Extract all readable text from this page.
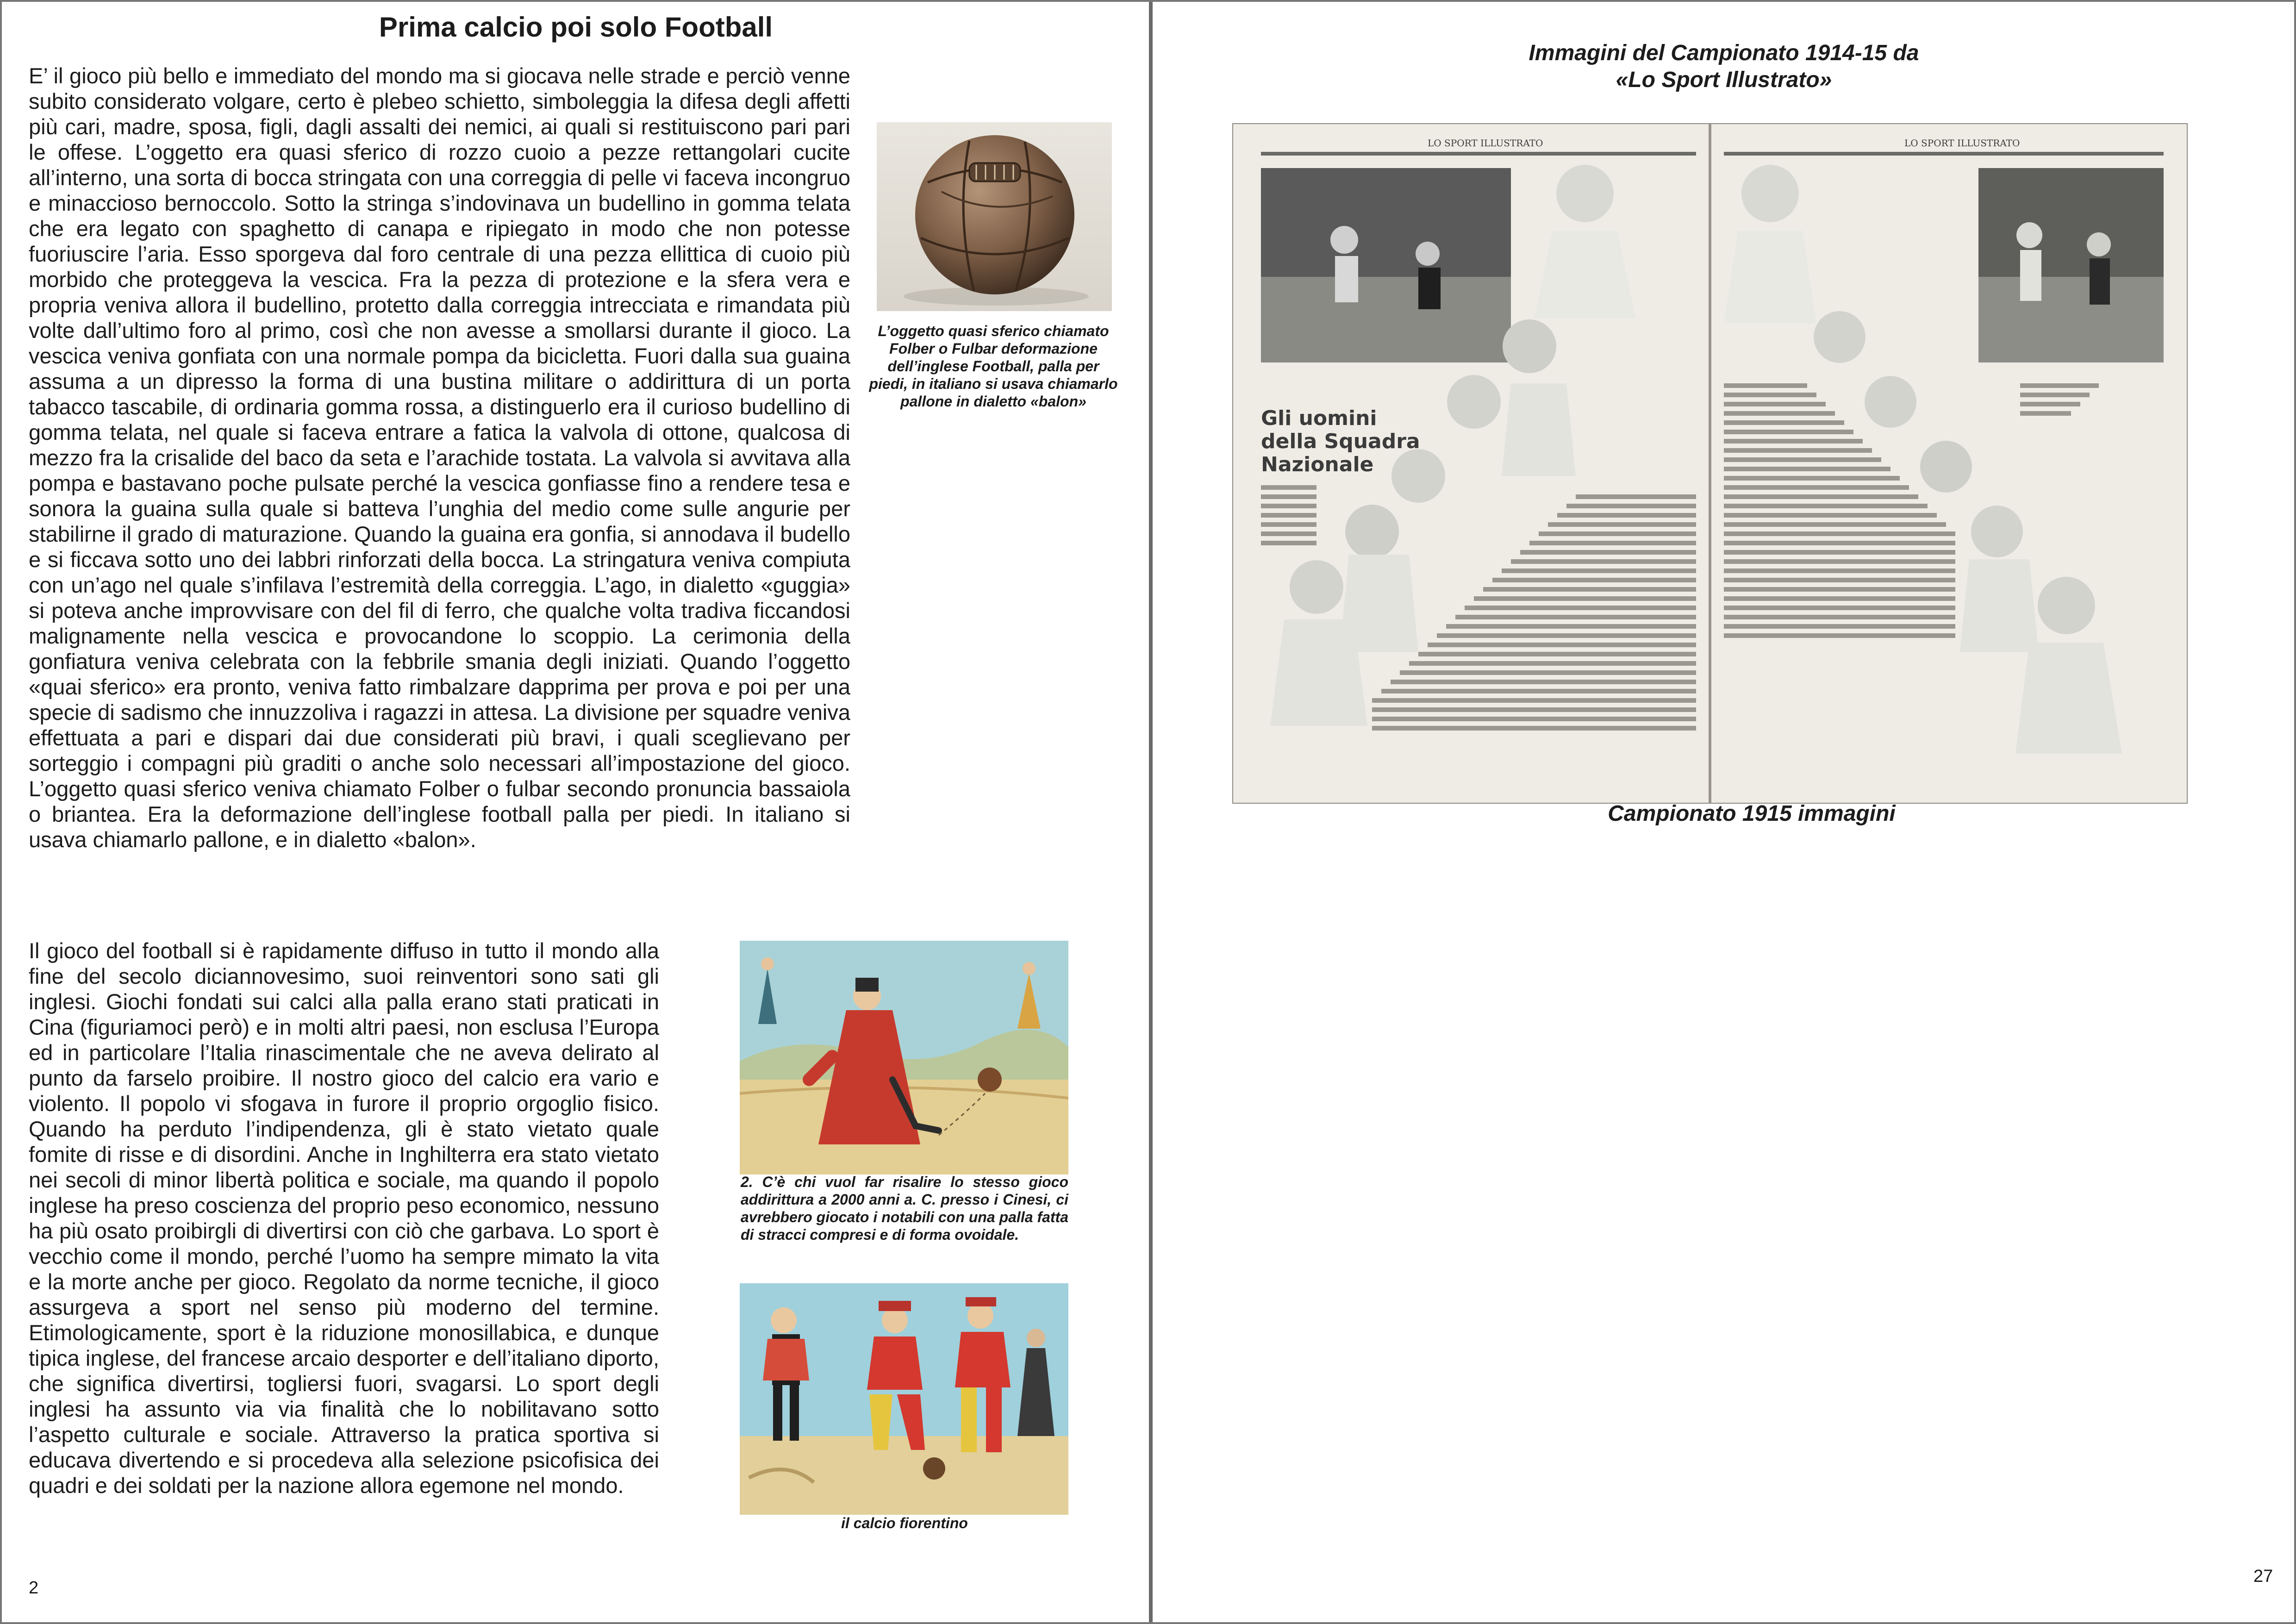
Prima calcio poi solo Football

E’ il gioco più bello e immediato del mondo ma si giocava nelle strade e perciò venne subito considerato volgare, certo è plebeo schietto, simboleggia la difesa degli affetti più cari, madre, sposa, figli, dagli assalti dei nemici, ai quali si restituiscono pari pari le offese. L’oggetto era quasi sferico di rozzo cuoio a pezze rettangolari cucite all’interno, una sorta di bocca stringata con una correggia di pelle vi faceva incongruo e minaccioso bernoccolo. Sotto la stringa s’indovinava un budellino in gomma telata che era legato con spaghetto di canapa e ripiegato in modo che non potesse fuoriuscire l’aria. Esso sporgeva dal foro centrale di una pezza ellittica di cuoio più morbido che proteggeva la vescica. Fra la pezza di protezione e la sfera vera e propria veniva allora il budellino, protetto dalla correggia intrecciata e rimandata più volte dall’ultimo foro al primo, così che non avesse a smollarsi durante il gioco. La vescica veniva gonfiata con una normale pompa da bicicletta. Fuori dalla sua guaina assuma a un dipresso la forma di una bustina militare o addirittura di un porta tabacco tascabile, di ordinaria gomma rossa, a distinguerlo era il curioso budellino di gomma telata, nel quale si faceva entrare a fatica la valvola di ottone, qualcosa di mezzo fra la crisalide del baco da seta e l’arachide tostata. La valvola si avvitava alla pompa e bastavano poche pulsate perché la vescica gonfiasse fino a rendere tesa e sonora la guaina sulla quale si batteva l’unghia del medio come sulle angurie per stabilirne il grado di maturazione. Quando la guaina era gonfia, si annodava il budello e si ficcava sotto uno dei labbri rinforzati della bocca. La stringatura veniva compiuta con un’ago nel quale s’infilava l’estremità della correggia. L’ago, in dialetto «guggia» si poteva anche improvvisare con del fil di ferro, che qualche volta tradiva ficcandosi malignamente nella vescica e provocandone lo scoppio. La cerimonia della gonfiatura veniva celebrata con la febbrile smania degli iniziati. Quando l’oggetto «quai sferico» era pronto, veniva fatto rimbalzare dapprima per prova e poi per una specie di sadismo che innuzzoliva i ragazzi in attesa. La divisione per squadre veniva effettuata a pari e dispari dai due considerati più bravi, i quali sceglievano per sorteggio i compagni più graditi o anche solo necessari all’impostazione del gioco. L’oggetto quasi sferico veniva chiamato Folber o fulbar secondo pronuncia bassaiola o briantea. Era la deformazione dell’inglese football palla per piedi. In italiano si usava chiamarlo pallone, e in dialetto «balon».

L’oggetto quasi sferico chiamato Folber o Fulbar deformazione dell’inglese Football, palla per piedi, in italiano si usava chiamarlo pallone in dialetto «balon»

Il gioco del football si è rapidamente diffuso in tutto il mondo alla fine del secolo diciannovesimo, suoi reinventori sono sati gli inglesi. Giochi fondati sui calci alla palla erano stati praticati in Cina (figuriamoci però) e in molti altri paesi, non esclusa l’Europa ed in particolare l’Italia rinascimentale che ne aveva delirato al punto da farselo proibire. Il nostro gioco del calcio era vario e violento. Il popolo vi sfogava in furore il proprio orgoglio fisico. Quando ha perduto l’indipendenza, gli è stato vietato quale fomite di risse e di disordini. Anche in Inghilterra era stato vietato nei secoli di minor libertà politica e sociale, ma quando il popolo inglese ha preso coscienza del proprio peso economico, nessuno ha più osato proibirgli di divertirsi con ciò che garbava. Lo sport è vecchio come il mondo, perché l’uomo ha sempre mimato la vita e la morte anche per gioco. Regolato da norme tecniche, il gioco assurgeva a sport nel senso più moderno del termine. Etimologicamente, sport è la riduzione monosillabica, e dunque tipica inglese, del francese arcaio desporter e dell’italiano diporto, che significa divertirsi, togliersi fuori, svagarsi. Lo sport degli inglesi ha assunto via via finalità che lo nobilitavano sotto l’aspetto culturale e sociale. Attraverso la pratica sportiva si educava divertendo e si procedeva alla selezione psicofisica dei quadri e dei soldati per la nazione allora egemone nel mondo.

2. C’è chi vuol far risalire lo stesso gioco addirittura a 2000 anni a. C. presso i Cinesi, ci avrebbero giocato i notabili con una palla fatta di stracci compresi e di forma ovoidale.
il calcio fiorentino
2
Immagini del Campionato 1914-15 da
«Lo Sport Illustrato»
LO SPORT ILLUSTRATO
Gli uomini
della Squadra
Nazionale
LO SPORT ILLUSTRATO
Campionato 1915 immagini
27
